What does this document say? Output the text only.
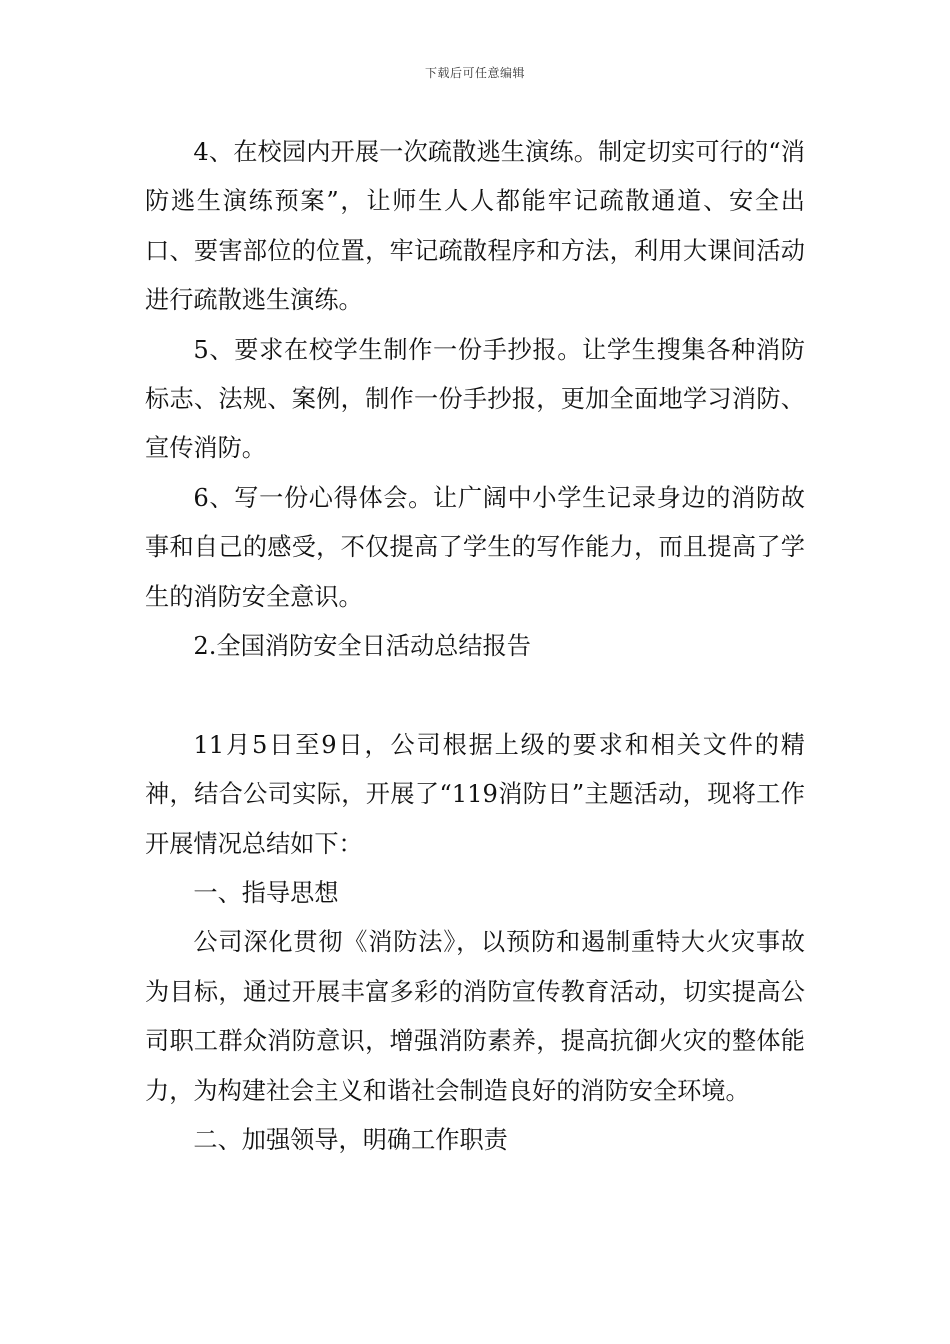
下载后可任意编辑

4、在校园内开展一次疏散逃生演练。制定切实可行的“消防逃生演练预案”，让师生人人都能牢记疏散通道、安全出口、要害部位的位置，牢记疏散程序和方法，利用大课间活动进行疏散逃生演练。

5、要求在校学生制作一份手抄报。让学生搜集各种消防标志、法规、案例，制作一份手抄报，更加全面地学习消防、宣传消防。

6、写一份心得体会。让广阔中小学生记录身边的消防故事和自己的感受，不仅提高了学生的写作能力，而且提高了学生的消防安全意识。

2.全国消防安全日活动总结报告

11月5日至9日，公司根据上级的要求和相关文件的精神，结合公司实际，开展了“119消防日”主题活动，现将工作开展情况总结如下：

一、指导思想

公司深化贯彻《消防法》，以预防和遏制重特大火灾事故为目标，通过开展丰富多彩的消防宣传教育活动，切实提高公司职工群众消防意识，增强消防素养，提高抗御火灾的整体能力，为构建社会主义和谐社会制造良好的消防安全环境。

二、加强领导，明确工作职责
